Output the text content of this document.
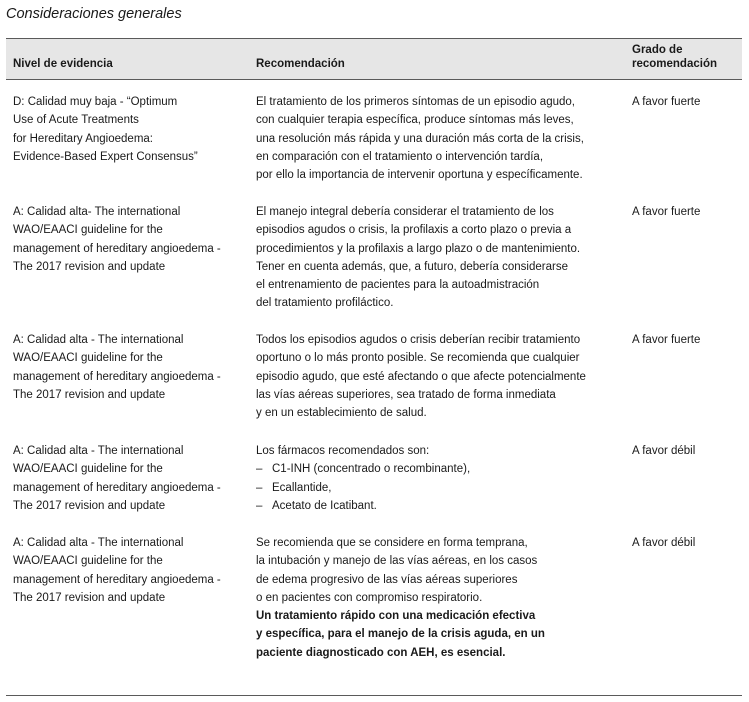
Consideraciones generales
Nivel de evidencia	Recomendación
Grado de
recomendación
D: Calidad muy baja - “Optimum
Use of Acute Treatments
for Hereditary Angioedema:
Evidence-Based Expert Consensus”
El tratamiento de los primeros síntomas de un episodio agudo,
con cualquier terapia específica, produce síntomas más leves,
una resolución más rápida y una duración más corta de la crisis,
en comparación con el tratamiento o intervención tardía,
por ello la importancia de intervenir oportuna y específicamente.
A favor fuerte
A: Calidad alta- The international
WAO/EAACI guideline for the
management of hereditary angioedema -
The 2017 revision and update
El manejo integral debería considerar el tratamiento de los
episodios agudos o crisis, la profilaxis a corto plazo o previa a
procedimientos y la profilaxis a largo plazo o de mantenimiento.
Tener en cuenta además, que, a futuro, debería considerarse
el entrenamiento de pacientes para la autoadmistración
del tratamiento profiláctico.
A favor fuerte
A: Calidad alta - The international
WAO/EAACI guideline for the
management of hereditary angioedema -
The 2017 revision and update
Todos los episodios agudos o crisis deberían recibir tratamiento
oportuno o lo más pronto posible. Se recomienda que cualquier
episodio agudo, que esté afectando o que afecte potencialmente
las vías aéreas superiores, sea tratado de forma inmediata
y en un establecimiento de salud.
A favor fuerte
A: Calidad alta - The international
WAO/EAACI guideline for the
management of hereditary angioedema -
The 2017 revision and update
Los fármacos recomendados son:
– C1-INH (concentrado o recombinante),
– Ecallantide,
– Acetato de Icatibant.
A favor débil
A: Calidad alta - The international
WAO/EAACI guideline for the
management of hereditary angioedema -
The 2017 revision and update
Se recomienda que se considere en forma temprana,
la intubación y manejo de las vías aéreas, en los casos
de edema progresivo de las vías aéreas superiores
o en pacientes con compromiso respiratorio.
Un tratamiento rápido con una medicación efectiva
y específica, para el manejo de la crisis aguda, en un
paciente diagnosticado con AEH, es esencial.
A favor débil
